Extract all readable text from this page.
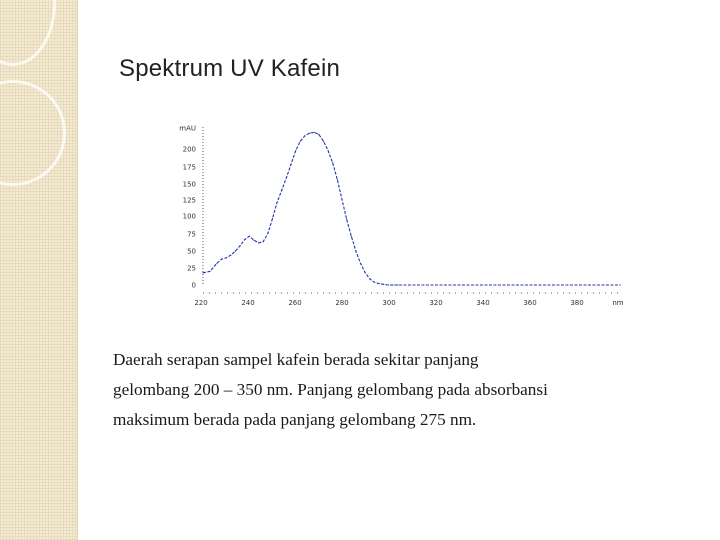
Spektrum UV Kafein
mAU
200
175
150
125
100
75
50
25
0
220	240	260	280	300	320	340	360	380	nm
Daerah serapan sampel kafein berada sekitar panjang
gelombang 200 – 350 nm. Panjang gelombang pada absorbansi
maksimum berada pada panjang gelombang 275 nm.
